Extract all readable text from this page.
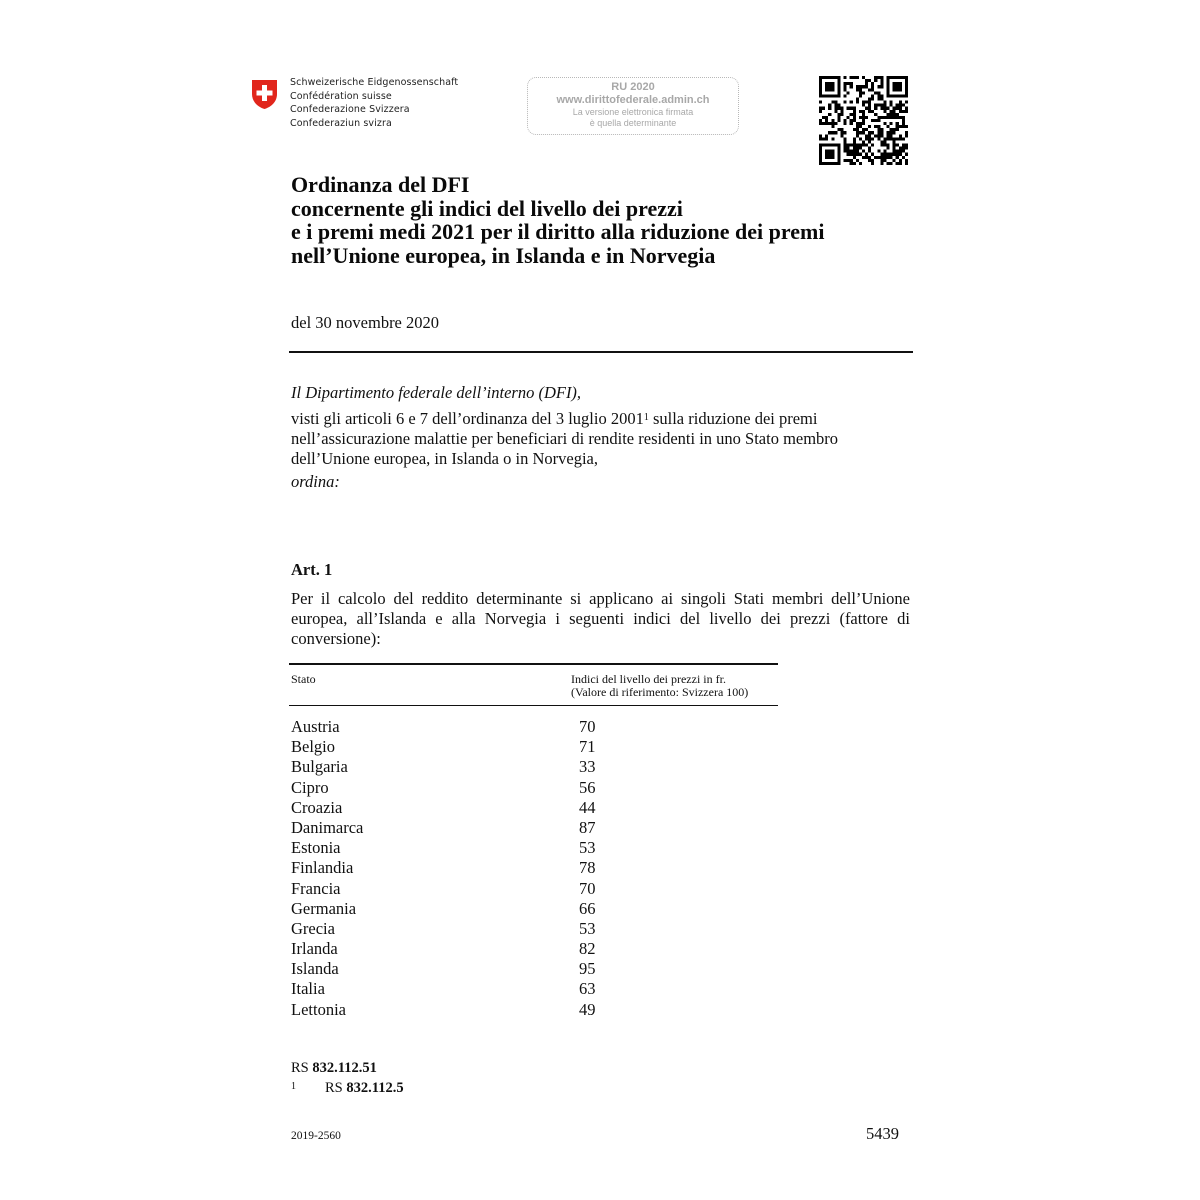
Schweizerische Eidgenossenschaft
Confédération suisse
Confederazione Svizzera
Confederaziun svizra
RU 2020
www.dirittofederale.admin.ch
La versione elettronica firmata
è quella determinante
Ordinanza del DFI
concernente gli indici del livello dei prezzi
e i premi medi 2021 per il diritto alla riduzione dei premi
nell’Unione europea, in Islanda e in Norvegia
del 30 novembre 2020
Il Dipartimento federale dell’interno (DFI),
visti gli articoli 6 e 7 dell’ordinanza del 3 luglio 2001$^1$ sulla riduzione dei premi nell’assicurazione malattie per beneficiari di rendite residenti in uno Stato membro dell’Unione europea, in Islanda o in Norvegia,
ordina:
Art. 1
Per il calcolo del reddito determinante si applicano ai singoli Stati membri dell’Unione europea, all’Islanda e alla Norvegia i seguenti indici del livello dei prezzi (fattore di conversione):
Stato	Indici del livello dei prezzi in fr.
(Valore di riferimento: Svizzera 100)
Austria	70
Belgio	71
Bulgaria	33
Cipro	56
Croazia	44
Danimarca	87
Estonia	53
Finlandia	78
Francia	70
Germania	66
Grecia	53
Irlanda	82
Islanda	95
Italia	63
Lettonia	49
RS 832.112.51
1 RS 832.112.5
2019-2560	5439
